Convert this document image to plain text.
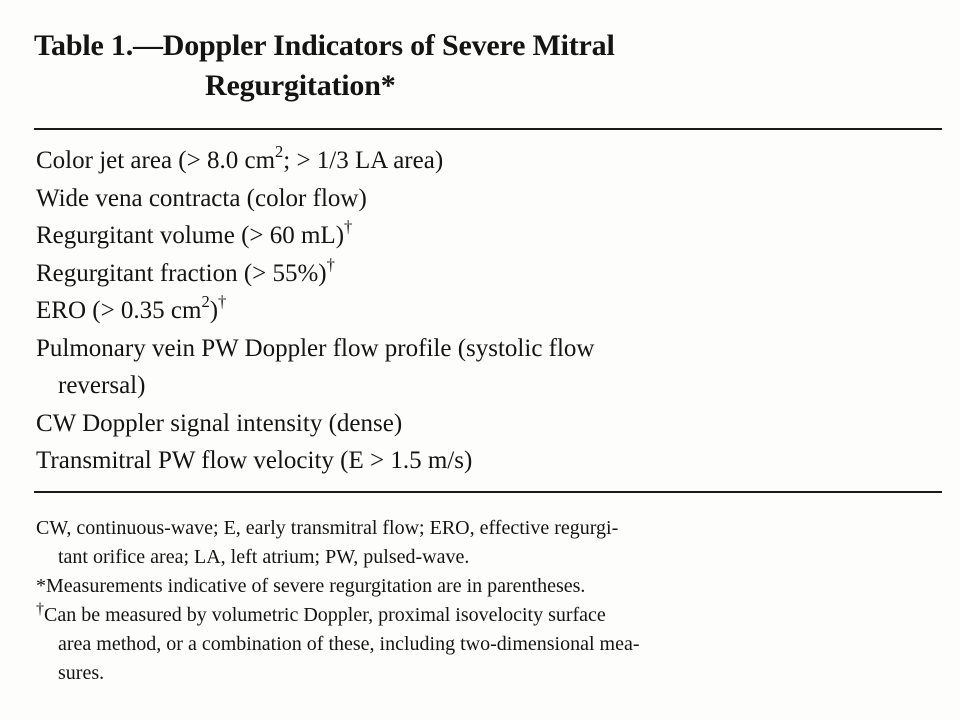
Table 1.—Doppler Indicators of Severe Mitral
Regurgitation*
Color jet area (> 8.0 $cm^2$; > 1/3 LA area)
Wide vena contracta (color flow)
Regurgitant volume (> 60 mL)†
Regurgitant fraction (> 55%)†
ERO (> 0.35 $cm^2)^\dagger$
Pulmonary vein PW Doppler flow profile (systolic flow
reversal)
CW Doppler signal intensity (dense)
Transmitral PW flow velocity (E > 1.5 m/s)
CW, continuous-wave; E, early transmitral flow; ERO, effective regurgi-
tant orifice area; LA, left atrium; PW, pulsed-wave.
*Measurements indicative of severe regurgitation are in parentheses.
†Can be measured by volumetric Doppler, proximal isovelocity surface
area method, or a combination of these, including two-dimensional mea-
sures.
